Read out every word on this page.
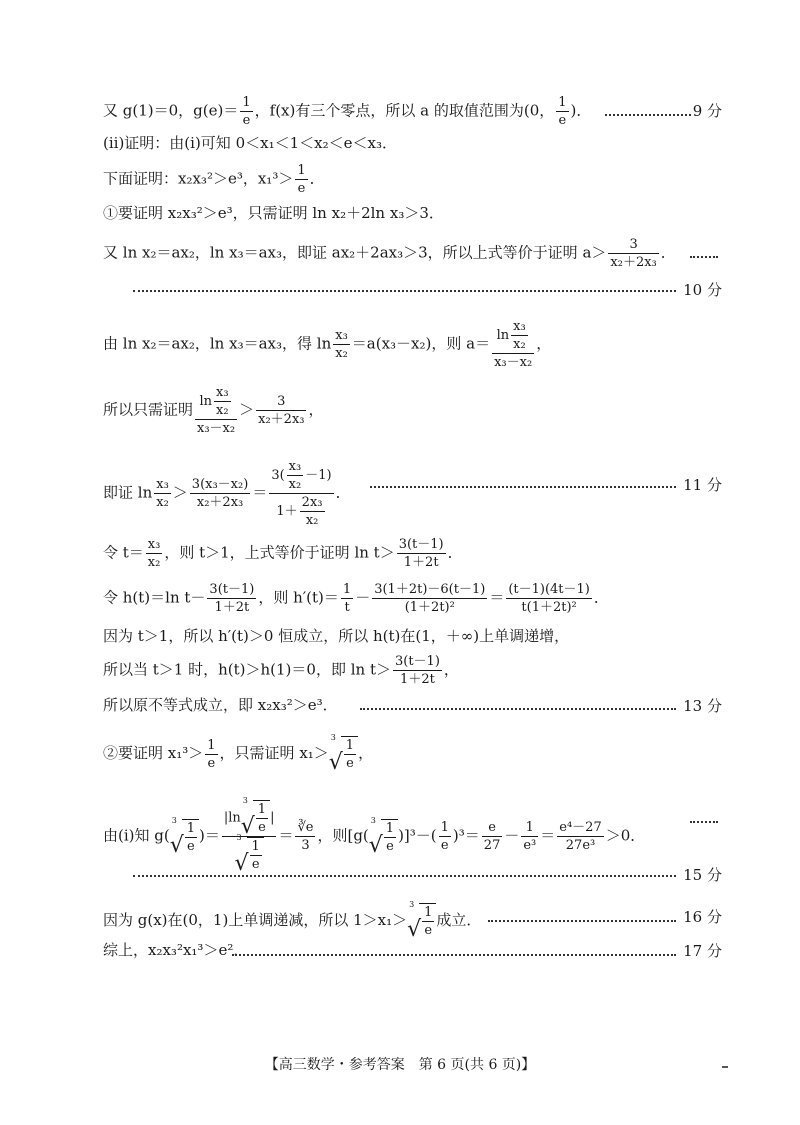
又 g(1)＝0，$g(e)= \frac{1}{e}$ ，f(x)有三个零点，所以 a 的取值范围为(0， $\frac{1}{e}$ )．	9 分
(ⅱ)证明：由(ⅰ)可知 0＜x₁＜1＜x₂＜e＜x₃．
下面证明：x₂x₃²＞e³，$x_1^3> \frac{1}{e}$ ．
①要证明 x₂x₃²＞e³，只需证明 ln x₂＋2ln x₃＞3．
又 ln x₂＝ax₂，ln x₃＝ax₃，即证 ax₂＋2ax₃＞3，所以上式等价于证明 $a> \frac{3}{\text{x₂＋2x₃}}$ ．
10 分
由 ln x₂＝ax₂，ln x₃＝ax₃，得 $\ln \frac{\text{x₃}}{\text{x₂}} =a(x_3-x_2)$，则 $a= \frac{\ln \frac{\text{x₃}}{\text{x₂}}}{\text{x₃－x₂}}$ ，
所以只需证明 $\frac{\ln \frac{\text{x₃}}{\text{x₂}}}{\text{x₃－x₂}} > \frac{3}{\text{x₂＋2x₃}}$ ，
即证 $\ln \frac{\text{x₃}}{\text{x₂}} > \frac{\text{3(x₃－x₂)}}{\text{x₂＋2x₃}} = \frac{3( \frac{\text{x₃}}{\text{x₂}} -1)}{1+ \frac{\text{2x₃}}{\text{x₂}}}$ ．	11 分
令 $t= \frac{\text{x₃}}{\text{x₂}}$ ，则 t＞1，上式等价于证明 $\ln t> \frac{3(t-1)}{1+2t}$ ．
令 h(t)＝ln $t- \frac{3(t-1)}{1+2t}$ ，则 $h'(t)= \frac{1}{t} - \frac{3(1+2t)-6(t-1)}{\text{(1＋2t)²}} = \frac{(t-1)(4t-1)}{\text{t(1＋2t)²}}$ ．
因为 t＞1，所以 h′(t)＞0 恒成立，所以 h(t)在(1，＋∞)上单调递增，
所以当 t＞1 时，h(t)＞h(1)＝0，即 $\ln t> \frac{3(t-1)}{1+2t}$ ，
所以原不等式成立，即 x₂x₃²＞e³．	13 分
②要证明 $x_1^3> \frac{1}{e}$ ，只需证明 x₁＞
3
√ $\frac{1}{e}$ ，
由(ⅰ)知 g(
3
√ $\frac{1}{e}$ )＝ |ln
3
√ $\frac{1}{e}$ |
3
√ $\frac{1}{e} = \frac{∛e}{3}$ ，则[g(
3
√ $\frac{1}{e} )]^3-( \frac{1}{e} )^3= \frac{e}{27} - \frac{1}{\text{e³}} = \frac{\text{e⁴－27}}{\text{27e³}} >0$．
15 分
因为 g(x)在(0，1)上单调递减，所以 1＞x₁＞
3
√ $\frac{1}{e}$ 成立．	16 分
综上，x₂x₃²x₁³＞e²．	17 分
【高三数学・参考答案　第 6 页(共 6 页)】
